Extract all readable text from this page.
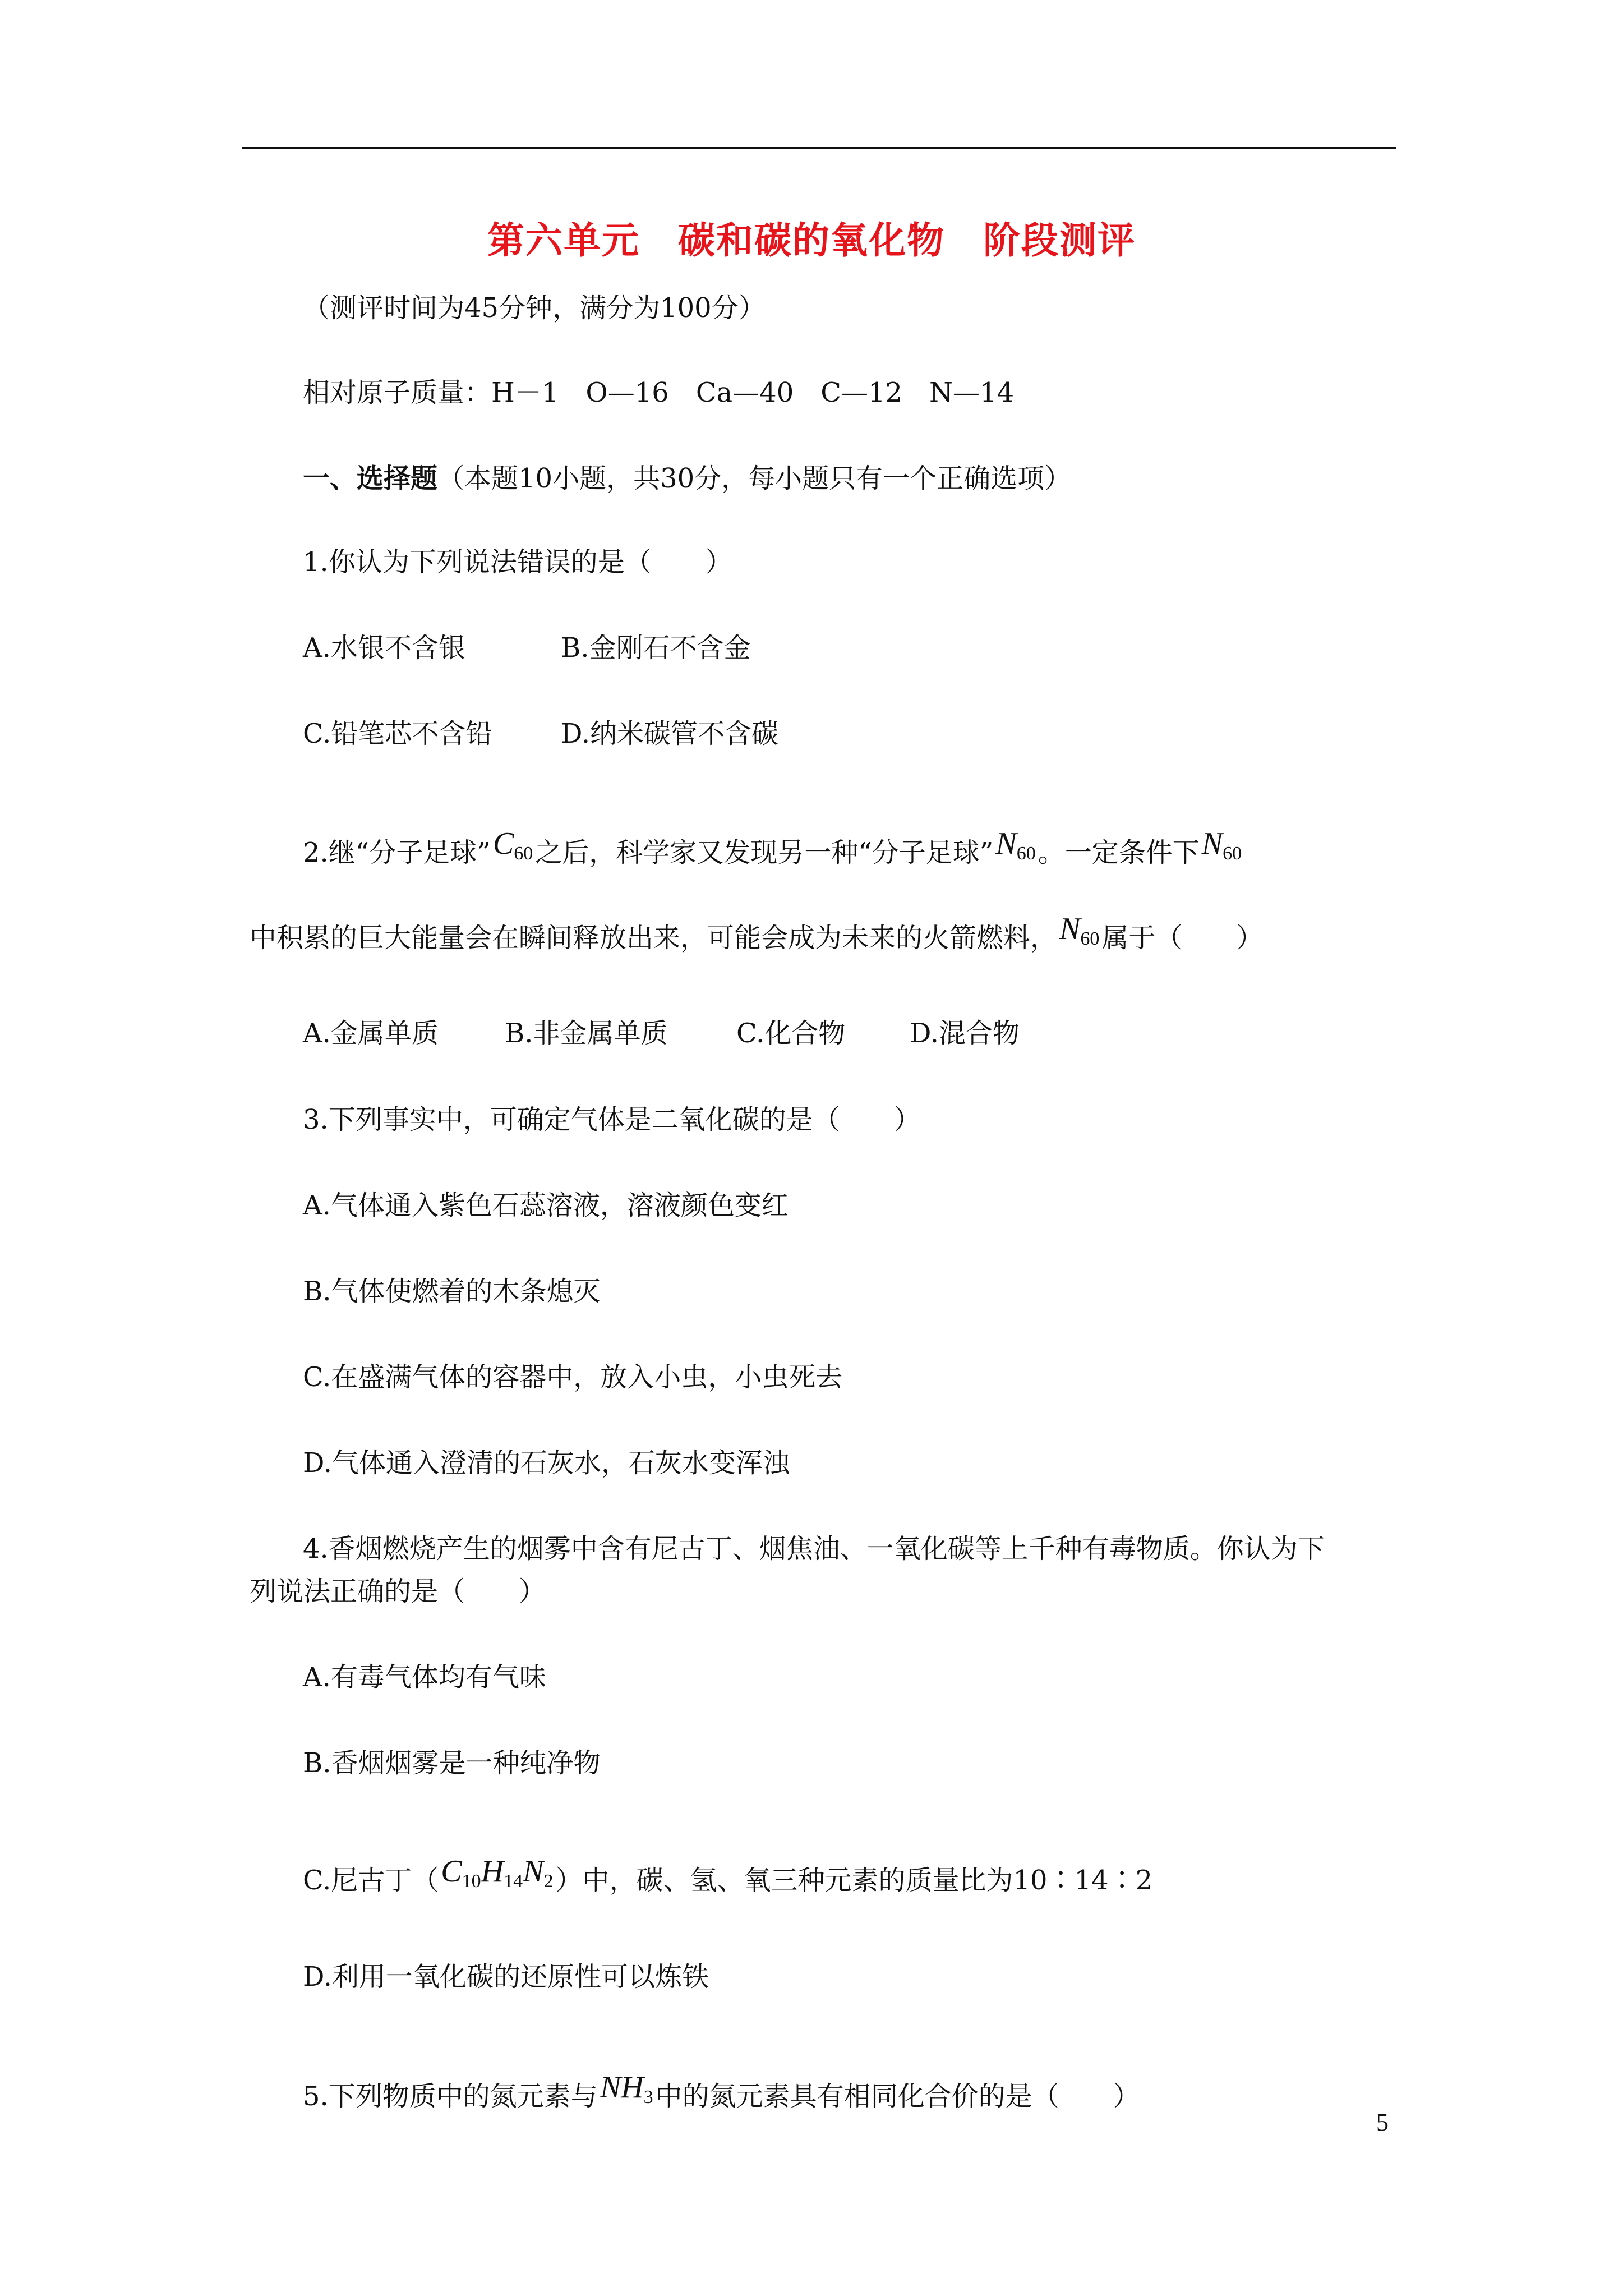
第六单元　碳和碳的氧化物　阶段测评
（测评时间为45分钟，满分为100分）
相对原子质量：H－1　O—16　Ca—40　C—12　N—14
一、选择题（本题10小题，共30分，每小题只有一个正确选项）
1.你认为下列说法错误的是（　　）
A.水银不含银	B.金刚石不含金
C.铅笔芯不含铅	D.纳米碳管不含碳
2.继“分子足球$”C_{60}$之后，科学家又发现另一种“分子足球$”N_{60}$。一定条件下$N_{60}$
中积累的巨大能量会在瞬间释放出来，可能会成为未来的火箭燃料，$N_{60}$属于（　　）
A.金属单质 B.非金属单质	C.化合物 D.混合物
3.下列事实中，可确定气体是二氧化碳的是（　　）
A.气体通入紫色石蕊溶液，溶液颜色变红
B.气体使燃着的木条熄灭
C.在盛满气体的容器中，放入小虫，小虫死去
D.气体通入澄清的石灰水，石灰水变浑浊
4.香烟燃烧产生的烟雾中含有尼古丁、烟焦油、一氧化碳等上千种有毒物质。你认为下
列说法正确的是（　　）
A.有毒气体均有气味
B.香烟烟雾是一种纯净物
C.尼古丁$(C_{10}H_{14}N_2)$中，碳、氢、氧三种元素的质量比为10∶14∶2
D.利用一氧化碳的还原性可以炼铁
5.下列物质中的氮元素与$NH_3$中的氮元素具有相同化合价的是（　　）
5
